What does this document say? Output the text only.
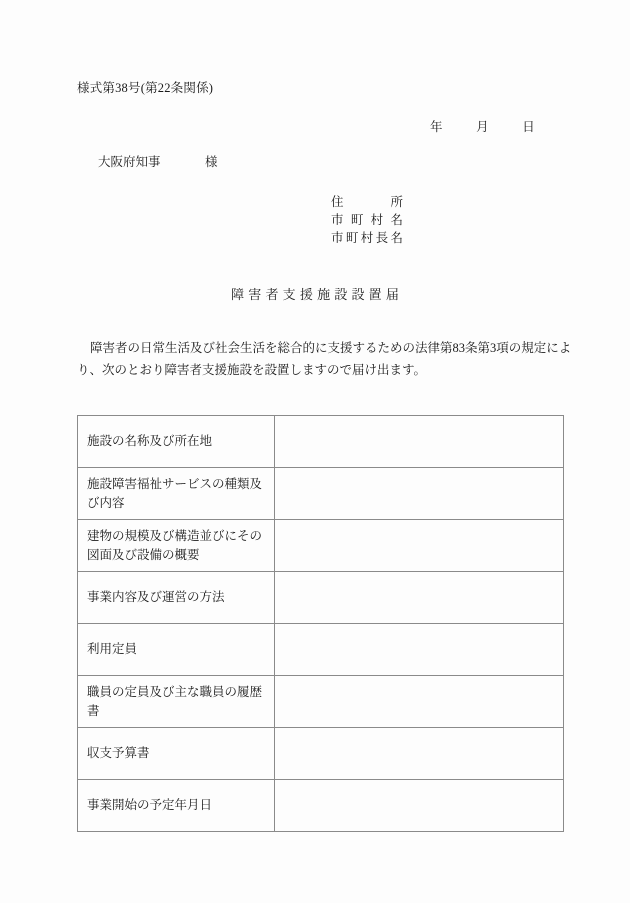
様式第38号(第22条関係)
年	月	日
大阪府知事	様
住所
市町村名
市町村長名
障害者支援施設設置届
障害者の日常生活及び社会生活を総合的に支援するための法律第83条第3項の規定によ
り、次のとおり障害者支援施設を設置しますので届け出ます。
施設の名称及び所在地	
施設障害福祉サービスの種類及び内容	
建物の規模及び構造並びにその図面及び設備の概要	
事業内容及び運営の方法	
利用定員	
職員の定員及び主な職員の履歴書	
収支予算書	
事業開始の予定年月日	
